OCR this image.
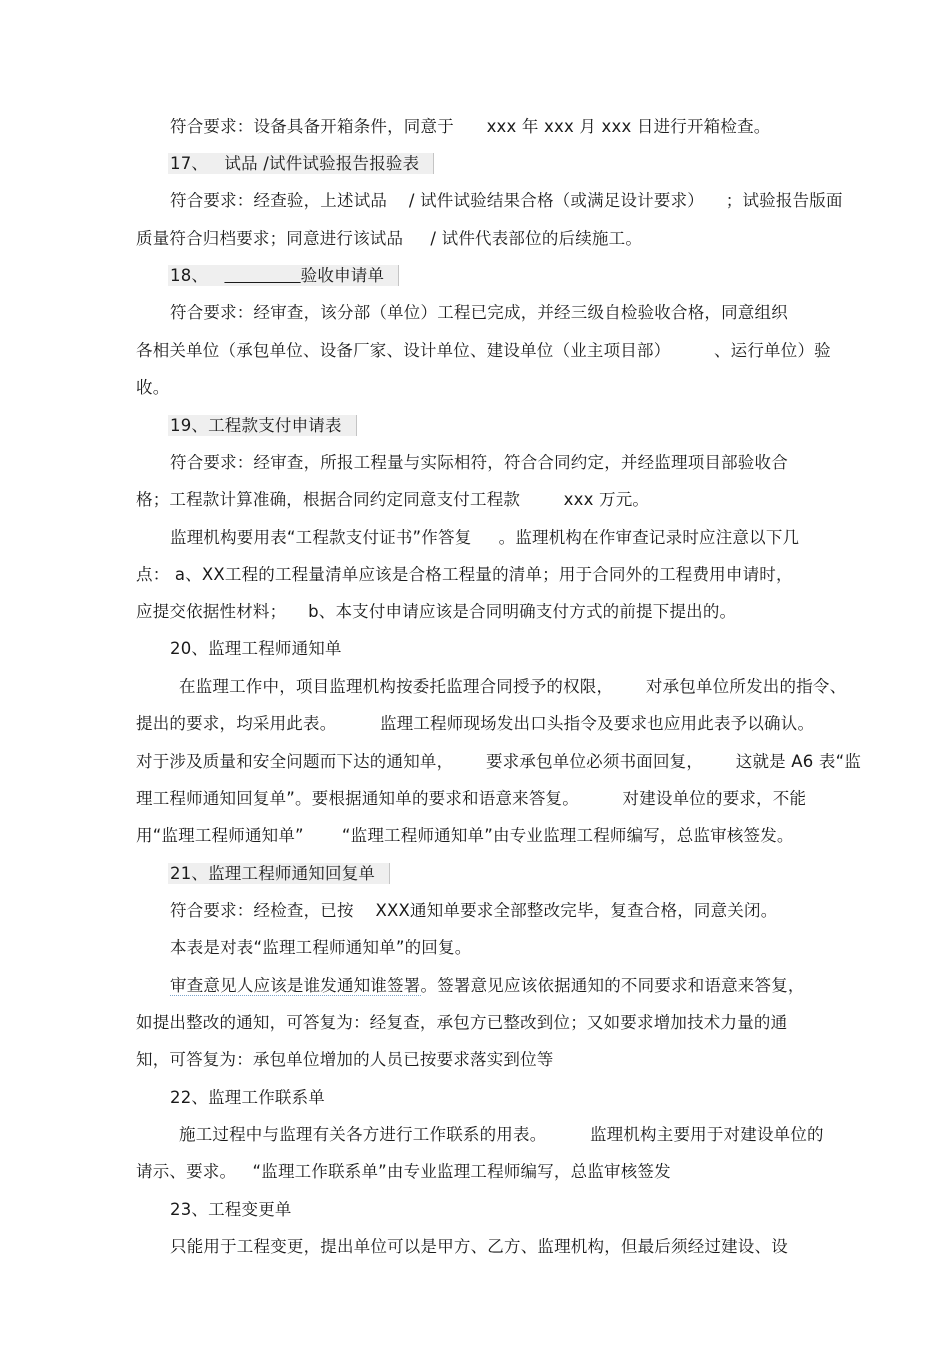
符合要求：设备具备开箱条件，同意于      xxx 年 xxx 月 xxx 日进行开箱检查。
17、   试品 /试件试验报告报验表
符合要求：经查验，上述试品    / 试件试验结果合格（或满足设计要求）    ；试验报告版面
质量符合归档要求；同意进行该试品     / 试件代表部位的后续施工。
18、	验收申请单
符合要求：经审查，该分部（单位）工程已完成，并经三级自检验收合格，同意组织
各相关单位（承包单位、设备厂家、设计单位、建设单位（业主项目部）        、运行单位）验
收。
19、工程款支付申请表
符合要求：经审查，所报工程量与实际相符，符合合同约定，并经监理项目部验收合
格；工程款计算准确，根据合同约定同意支付工程款        xxx 万元。
监理机构要用表“工程款支付证书”作答复     。监理机构在作审查记录时应注意以下几
点： a、XX工程的工程量清单应该是合格工程量的清单；用于合同外的工程费用申请时，
应提交依据性材料；    b、本支付申请应该是合同明确支付方式的前提下提出的。
20、监理工程师通知单
在监理工作中，项目监理机构按委托监理合同授予的权限，      对承包单位所发出的指令、
提出的要求，均采用此表。        监理工程师现场发出口头指令及要求也应用此表予以确认。
对于涉及质量和安全问题而下达的通知单，      要求承包单位必须书面回复，      这就是 A6 表“监
理工程师通知回复单”。要根据通知单的要求和语意来答复。        对建设单位的要求，不能
用“监理工程师通知单”       “监理工程师通知单”由专业监理工程师编写，总监审核签发。
21、监理工程师通知回复单
符合要求：经检查，已按    XXX通知单要求全部整改完毕，复查合格，同意关闭。
本表是对表“监理工程师通知单”的回复。
审查意见人应该是谁发通知谁签署。签署意见应该依据通知的不同要求和语意来答复，
如提出整改的通知，可答复为：经复查，承包方已整改到位；又如要求增加技术力量的通
知，可答复为：承包单位增加的人员已按要求落实到位等
22、监理工作联系单
施工过程中与监理有关各方进行工作联系的用表。        监理机构主要用于对建设单位的
请示、要求。   “监理工作联系单”由专业监理工程师编写，总监审核签发
23、工程变更单
只能用于工程变更，提出单位可以是甲方、乙方、监理机构，但最后须经过建设、设
